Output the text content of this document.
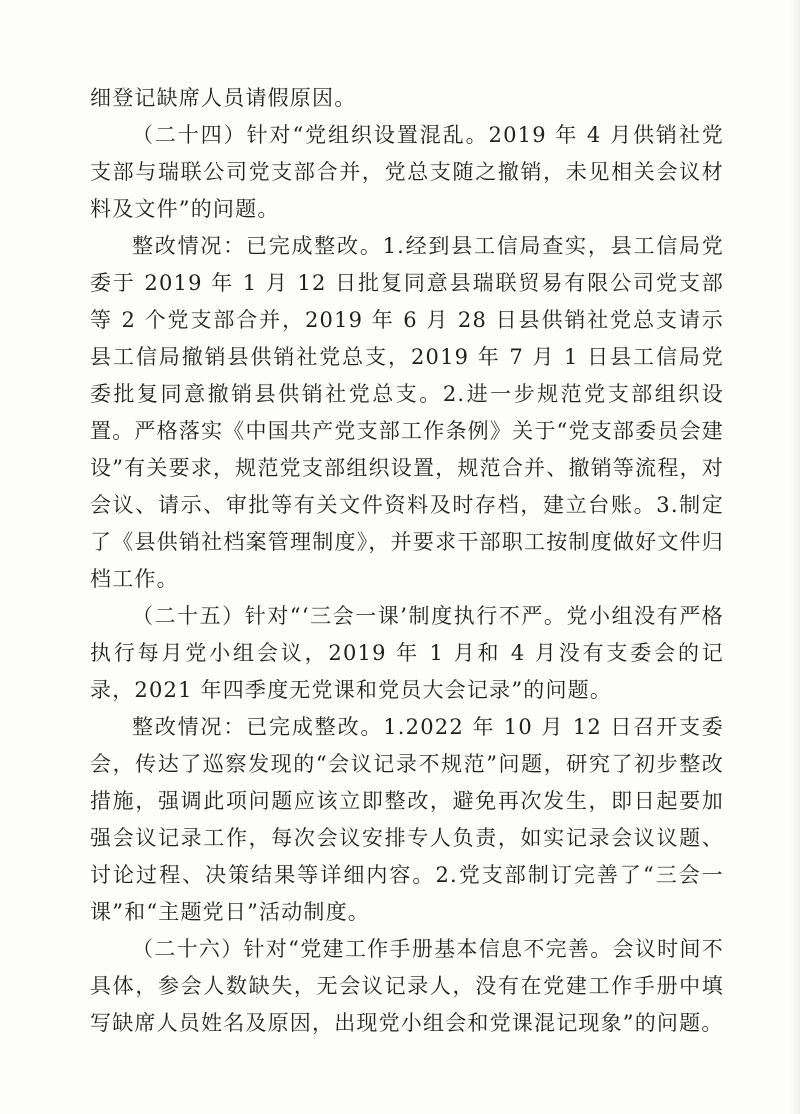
细登记缺席人员请假原因。

（二十四）针对“党组织设置混乱。2019 年 4 月供销社党支部与瑞联公司党支部合并，党总支随之撤销，未见相关会议材料及文件”的问题。

整改情况：已完成整改。1.经到县工信局查实，县工信局党委于 2019 年 1 月 12 日批复同意县瑞联贸易有限公司党支部等 2 个党支部合并，2019 年 6 月 28 日县供销社党总支请示县工信局撤销县供销社党总支，2019 年 7 月 1 日县工信局党委批复同意撤销县供销社党总支。2.进一步规范党支部组织设置。严格落实《中国共产党支部工作条例》关于“党支部委员会建设”有关要求，规范党支部组织设置，规范合并、撤销等流程，对会议、请示、审批等有关文件资料及时存档，建立台账。3.制定了《县供销社档案管理制度》，并要求干部职工按制度做好文件归档工作。

（二十五）针对“‘三会一课’制度执行不严。党小组没有严格执行每月党小组会议，2019 年 1 月和 4 月没有支委会的记录，2021 年四季度无党课和党员大会记录”的问题。

整改情况：已完成整改。1.2022 年 10 月 12 日召开支委会，传达了巡察发现的“会议记录不规范”问题，研究了初步整改措施，强调此项问题应该立即整改，避免再次发生，即日起要加强会议记录工作，每次会议安排专人负责，如实记录会议议题、讨论过程、决策结果等详细内容。2.党支部制订完善了“三会一课”和“主题党日”活动制度。

（二十六）针对“党建工作手册基本信息不完善。会议时间不具体，参会人数缺失，无会议记录人，没有在党建工作手册中填写缺席人员姓名及原因，出现党小组会和党课混记现象”的问题。
